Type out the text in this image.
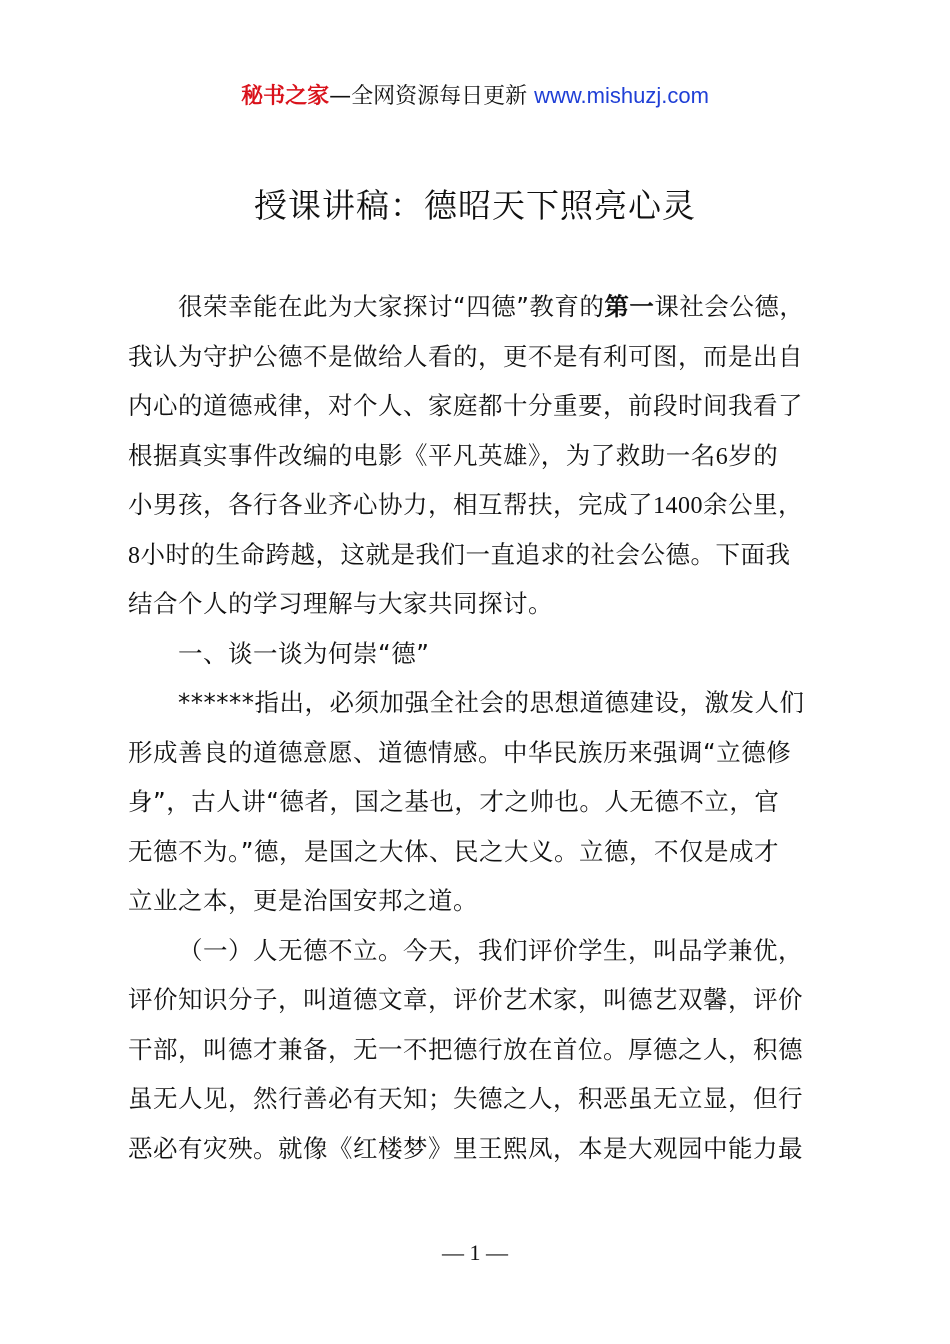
秘书之家—全网资源每日更新 www.mishuzj.com
授课讲稿：德昭天下照亮心灵
很荣幸能在此为大家探讨“四德”教育的第一课社会公德，
我认为守护公德不是做给人看的，更不是有利可图，而是出自
内心的道德戒律，对个人、家庭都十分重要，前段时间我看了
根据真实事件改编的电影《平凡英雄》，为了救助一名6岁的
小男孩，各行各业齐心协力，相互帮扶，完成了1400余公里，
8小时的生命跨越，这就是我们一直追求的社会公德。下面我
结合个人的学习理解与大家共同探讨。
一、谈一谈为何崇“德”
******指出，必须加强全社会的思想道德建设，激发人们
形成善良的道德意愿、道德情感。中华民族历来强调“立德修
身”，古人讲“德者，国之基也，才之帅也。人无德不立，官
无德不为。”德，是国之大体、民之大义。立德，不仅是成才
立业之本，更是治国安邦之道。
（一）人无德不立。今天，我们评价学生，叫品学兼优，
评价知识分子，叫道德文章，评价艺术家，叫德艺双馨，评价
干部，叫德才兼备，无一不把德行放在首位。厚德之人，积德
虽无人见，然行善必有天知；失德之人，积恶虽无立显，但行
恶必有灾殃。就像《红楼梦》里王熙凤，本是大观园中能力最
— 1 —
